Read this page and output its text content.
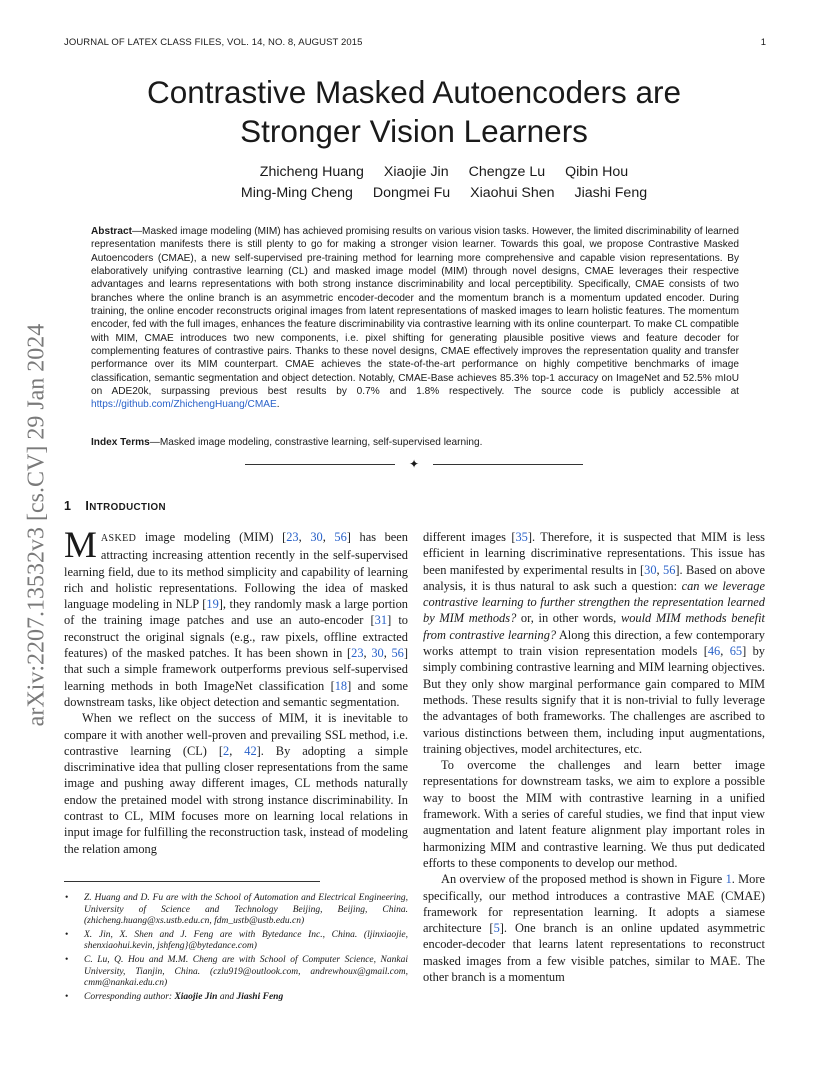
JOURNAL OF LATEX CLASS FILES, VOL. 14, NO. 8, AUGUST 2015	1
arXiv:2207.13532v3 [cs.CV] 29 Jan 2024
Contrastive Masked Autoencoders are
Stronger Vision Learners
Zhicheng Huang Xiaojie Jin Chengze Lu Qibin Hou
Ming-Ming Cheng Dongmei Fu Xiaohui Shen Jiashi Feng

Abstract—Masked image modeling (MIM) has achieved promising results on various vision tasks. However, the limited discriminability of learned representation manifests there is still plenty to go for making a stronger vision learner. Towards this goal, we propose Contrastive Masked Autoencoders (CMAE), a new self-supervised pre-training method for learning more comprehensive and capable vision representations. By elaboratively unifying contrastive learning (CL) and masked image model (MIM) through novel designs, CMAE leverages their respective advantages and learns representations with both strong instance discriminability and local perceptibility. Specifically, CMAE consists of two branches where the online branch is an asymmetric encoder-decoder and the momentum branch is a momentum updated encoder. During training, the online encoder reconstructs original images from latent representations of masked images to learn holistic features. The momentum encoder, fed with the full images, enhances the feature discriminability via contrastive learning with its online counterpart. To make CL compatible with MIM, CMAE introduces two new components, i.e. pixel shifting for generating plausible positive views and feature decoder for complementing features of contrastive pairs. Thanks to these novel designs, CMAE effectively improves the representation quality and transfer performance over its MIM counterpart. CMAE achieves the state-of-the-art performance on highly competitive benchmarks of image classification, semantic segmentation and object detection. Notably, CMAE-Base achieves 85.3% top-1 accuracy on ImageNet and 52.5% mIoU on ADE20k, surpassing previous best results by 0.7% and 1.8% respectively. The source code is publicly accessible at https://github.com/ZhichengHuang/CMAE.

Index Terms—Masked image modeling, constrastive learning, self-supervised learning.

✦
1 INTRODUCTION

MASKED image modeling (MIM) [23, 30, 56] has been attracting increasing attention recently in the self-supervised learning field, due to its method simplicity and capability of learning rich and holistic representations. Following the idea of masked language modeling in NLP [19], they randomly mask a large portion of the training image patches and use an auto-encoder [31] to reconstruct the original signals (e.g., raw pixels, offline extracted features) of the masked patches. It has been shown in [23, 30, 56] that such a simple framework outperforms previous self-supervised learning methods in both ImageNet classification [18] and some downstream tasks, like object detection and semantic segmentation.

When we reflect on the success of MIM, it is inevitable to compare it with another well-proven and prevailing SSL method, i.e. contrastive learning (CL) [2, 42]. By adopting a simple discriminative idea that pulling closer representations from the same image and pushing away different images, CL methods naturally endow the pretained model with strong instance discriminability. In contrast to CL, MIM focuses more on learning local relations in input image for fulfilling the reconstruction task, instead of modeling the relation among

different images [35]. Therefore, it is suspected that MIM is less efficient in learning discriminative representations. This issue has been manifested by experimental results in [30, 56]. Based on above analysis, it is thus natural to ask such a question: can we leverage contrastive learning to further strengthen the representation learned by MIM methods? or, in other words, would MIM methods benefit from contrastive learning? Along this direction, a few contemporary works attempt to train vision representation models [46, 65] by simply combining contrastive learning and MIM learning objectives. But they only show marginal performance gain compared to MIM methods. These results signify that it is non-trivial to fully leverage the advantages of both frameworks. The challenges are ascribed to various distinctions between them, including input augmentations, training objectives, model architectures, etc.

To overcome the challenges and learn better image representations for downstream tasks, we aim to explore a possible way to boost the MIM with contrastive learning in a unified framework. With a series of careful studies, we find that input view augmentation and latent feature alignment play important roles in harmonizing MIM and contrastive learning. We thus put dedicated efforts to these components to develop our method.

An overview of the proposed method is shown in Figure 1. More specifically, our method introduces a contrastive MAE (CMAE) framework for representation learning. It adopts a siamese architecture [5]. One branch is an online updated asymmetric encoder-decoder that learns latent representations to reconstruct masked images from a few visible patches, similar to MAE. The other branch is a momentum

• Z. Huang and D. Fu are with the School of Automation and Electrical Engineering, University of Science and Technology Beijing, Beijing, China. (zhicheng.huang@xs.ustb.edu.cn, fdm_ustb@ustb.edu.cn)
• X. Jin, X. Shen and J. Feng are with Bytedance Inc., China. (ljinxiaojie, shenxiaohui.kevin, jshfeng}@bytedance.com)
• C. Lu, Q. Hou and M.M. Cheng are with School of Computer Science, Nankai University, Tianjin, China. (czlu919@outlook.com, andrewhoux@gmail.com, cmm@nankai.edu.cn)
• Corresponding author: Xiaojie Jin and Jiashi Feng
